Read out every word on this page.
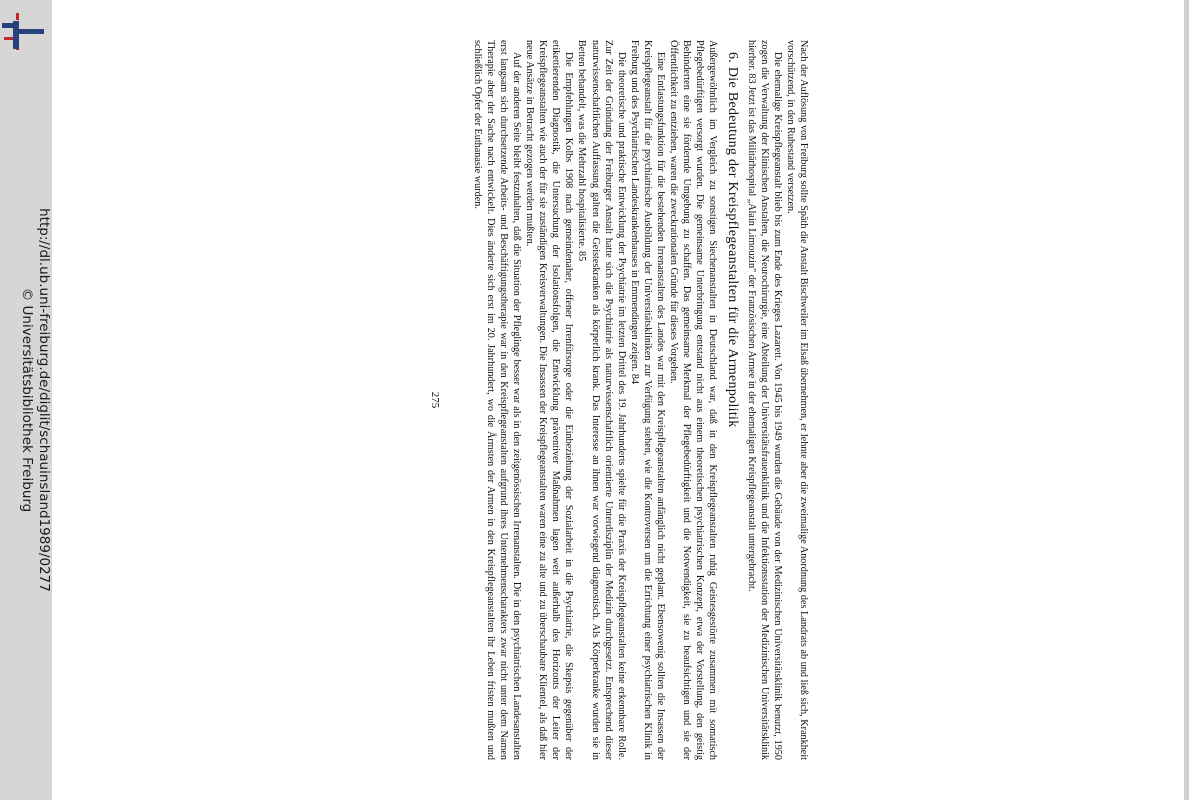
http://dl.ub.uni-freiburg.de/diglit/schauinsland1989/0277
© Universitätsbibliothek Freiburg	Nach der Auflösung von Freiburg sollte Späth die Anstalt Bischweiler im Elsaß übernehmen, er lehnte aber die zweimalige Anordnung des Landrats ab und ließ sich, Krankheit vorschützend, in den Ruhestand versetzen.

Die ehemalige Kreispflegeanstalt blieb bis zum Ende des Krieges Lazarett. Von 1945 bis 1949 wurden die Gebäude von der Medizinischen Universitätsklinik benutzt, 1950 zogen die Verwaltung der Klinischen Anstalten, die Neurochirurgie, eine Abteilung der Universitätsfrauenklinik und die Infektionsstation der Medizinischen Universitätsklinik hierher. 83 Jetzt ist das Militärhospital „Alain Limouzin" der Französischen Armee in der ehemaligen Kreispflegeanstalt untergebracht.

6. Die Bedeutung der Kreispflegeanstalten für die Armenpolitik

Außergewöhnlich im Vergleich zu sonstigen Siechenanstalten in Deutschland war, daß in den Kreispflegeanstalten ruhig Geistesgestörte zusammen mit somatisch Pflegebedürftigen versorgt wurden. Die gemeinsame Unterbringung entstand nicht aus einem theoretischen psychiatrischen Konzept, etwa der Vorstellung, den geistig Behinderten eine sie fördernde Umgebung zu schaffen. Das gemeinsame Merkmal der Pflegebedürftigkeit und die Notwendigkeit, sie zu beaufsichtigen und sie der Öffentlichkeit zu entziehen, waren die zweckrationalen Gründe für dieses Vorgehen.

Eine Entlastungsfunktion für die bestehenden Irrenanstalten des Landes war mit den Kreispflegeanstalten anfänglich nicht geplant. Ebensowenig sollten die Insassen der Kreispflegeanstalt für die psychiatrische Ausbildung der Universitätskliniken zur Verfügung stehen, wie die Kontroversen um die Errichtung einer psychiatrischen Klinik in Freiburg und des Psychiatrischen Landeskrankenhauses in Emmendingen zeigen. 84

Die theoretische und praktische Entwicklung der Psychiatrie im letzten Drittel des 19. Jahrhunderts spielte für die Praxis der Kreispflegeanstalten keine erkennbare Rolle. Zur Zeit der Gründung der Freiburger Anstalt hatte sich die Psychiatrie als naturwissenschaftlich orientierte Unterdisziplin der Medizin durchgesetzt. Entsprechend dieser naturwissenschaftlichen Auffassung galten die Geisteskranken als körperlich krank. Das Interesse an ihnen war vorwiegend diagnostisch. Als Körperkranke wurden sie in Betten behandelt, was die Mehrzahl hospitalisierte. 85

Die Empfehlungen Kolbs 1908 nach gemeindenaher, offener Irrenfürsorge oder die Einbeziehung der Sozialarbeit in die Psychiatrie, die Skepsis gegenüber der etikettierenden Diagnostik, die Untersuchung der Isolationsfolgen, die Entwicklung präventiver Maßnahmen lagen weit außerhalb des Horizonts der Leiter der Kreispflegeanstalten wie auch der für sie zuständigen Kreisverwaltungen. Die Insassen der Kreispflegeanstalten waren eine zu alte und zu überschaubare Klientel, als daß hier neue Ansätze in Betracht gezogen werden mußten.

Auf der anderen Seite bleibt festzuhalten, daß die Situation der Pfleglinge besser war als in den zeitgenössischen Irrenanstalten. Die in den psychiatrischen Landesanstalten erst langsam sich durchsetzende Arbeits- und Beschäftigungstherapie war in den Kreispflegeanstalten aufgrund ihres Unternehmenscharakters zwar nicht unter dem Namen Therapie aber der Sache nach entwickelt. Dies änderte sich erst im 20. Jahrhundert, wo die Ärmsten der Armen in den Kreispflegeanstalten ihr Leben fristen mußten und schließlich Opfer der Euthanasie wurden.

275
